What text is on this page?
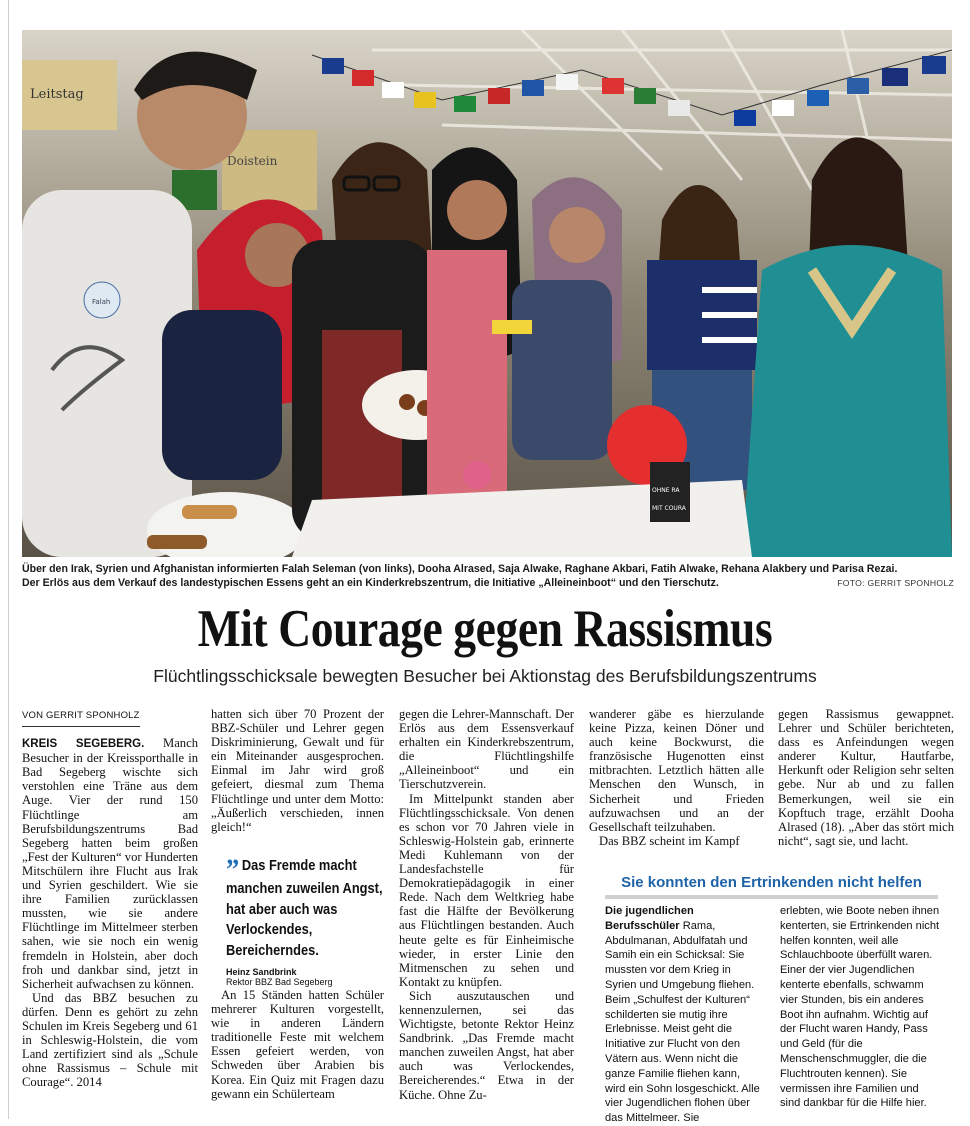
Leitstag
Doistein
Falah
OHNE RA
MIT COURA
Über den Irak, Syrien und Afghanistan informierten Falah Seleman (von links), Dooha Alrased, Saja Alwake, Raghane Akbari, Fatih Alwake, Rehana Alakbery und Parisa Rezai.
Der Erlös aus dem Verkauf des landestypischen Essens geht an ein Kinderkrebszentrum, die Initiative „Alleineinboot“ und den Tierschutz.	FOTO: GERRIT SPONHOLZ
Mit Courage gegen Rassismus
Flüchtlingsschicksale bewegten Besucher bei Aktionstag des Berufsbildungszentrums
VON GERRIT SPONHOLZ

KREIS SEGEBERG. Manch Besucher in der Kreissporthalle in Bad Segeberg wischte sich verstohlen eine Träne aus dem Auge. Vier der rund 150 Flüchtlinge am Berufsbildungszentrums Bad Segeberg hatten beim großen „Fest der Kulturen“ vor Hunderten Mitschülern ihre Flucht aus Irak und Syrien geschildert. Wie sie ihre Familien zurücklassen mussten, wie sie andere Flüchtlinge im Mittelmeer sterben sahen, wie sie noch ein wenig fremdeln in Holstein, aber doch froh und dankbar sind, jetzt in Sicherheit aufwachsen zu können.

Und das BBZ besuchen zu dürfen. Denn es gehört zu zehn Schulen im Kreis Segeberg und 61 in Schleswig-Holstein, die vom Land zertifiziert sind als „Schule ohne Rassismus – Schule mit Courage“. 2014

hatten sich über 70 Prozent der BBZ-Schüler und Lehrer gegen Diskriminierung, Gewalt und für ein Miteinander ausgesprochen. Einmal im Jahr wird groß gefeiert, diesmal zum Thema Flüchtlinge und unter dem Motto: „Äußerlich verschieden, innen gleich!“

” Das Fremde macht manchen zuweilen Angst, hat aber auch was Verlockendes, Bereicherndes.
Heinz Sandbrink
Rektor BBZ Bad Segeberg

An 15 Ständen hatten Schüler mehrerer Kulturen vorgestellt, wie in anderen Ländern traditionelle Feste mit welchem Essen gefeiert werden, von Schweden über Arabien bis Korea. Ein Quiz mit Fragen dazu gewann ein Schülerteam

gegen die Lehrer-Mannschaft. Der Erlös aus dem Essensverkauf erhalten ein Kinderkrebszentrum, die Flüchtlingshilfe „Alleineinboot“ und ein Tierschutzverein.

Im Mittelpunkt standen aber Flüchtlingsschicksale. Von denen es schon vor 70 Jahren viele in Schleswig-Holstein gab, erinnerte Medi Kuhlemann von der Landesfachstelle für Demokratiepädagogik in einer Rede. Nach dem Weltkrieg habe fast die Hälfte der Bevölkerung aus Flüchtlingen bestanden. Auch heute gelte es für Einheimische wieder, in erster Linie den Mitmenschen zu sehen und Kontakt zu knüpfen.

Sich auszutauschen und kennenzulernen, sei das Wichtigste, betonte Rektor Heinz Sandbrink. „Das Fremde macht manchen zuweilen Angst, hat aber auch was Verlockendes, Bereicherendes.“ Etwa in der Küche. Ohne Zu-

wanderer gäbe es hierzulande keine Pizza, keinen Döner und auch keine Bockwurst, die französische Hugenotten einst mitbrachten. Letztlich hätten alle Menschen den Wunsch, in Sicherheit und Frieden aufzuwachsen und an der Gesellschaft teilzuhaben.

Das BBZ scheint im Kampf

gegen Rassismus gewappnet. Lehrer und Schüler berichteten, dass es Anfeindungen wegen anderer Kultur, Hautfarbe, Herkunft oder Religion sehr selten gebe. Nur ab und zu fallen Bemerkungen, weil sie ein Kopftuch trage, erzählt Dooha Alrased (18). „Aber das stört mich nicht“, sagt sie, und lacht.

Sie konnten den Ertrinkenden nicht helfen
Die jugendlichen Berufsschüler Rama, Abdulmanan, Abdulfatah und Samih ein ein Schicksal: Sie mussten vor dem Krieg in Syrien und Umgebung fliehen. Beim „Schulfest der Kulturen“ schilderten sie mutig ihre Erlebnisse. Meist geht die Initiative zur Flucht von den Vätern aus. Wenn nicht die ganze Familie fliehen kann, wird ein Sohn losgeschickt. Alle vier Jugendlichen flohen über das Mittelmeer. Sie
erlebten, wie Boote neben ihnen kenterten, sie Ertrinkenden nicht helfen konnten, weil alle Schlauchboote überfüllt waren. Einer der vier Jugendlichen kenterte ebenfalls, schwamm vier Stunden, bis ein anderes Boot ihn aufnahm. Wichtig auf der Flucht waren Handy, Pass und Geld (für die Menschenschmuggler, die die Fluchtrouten kennen). Sie vermissen ihre Familien und sind dankbar für die Hilfe hier.
